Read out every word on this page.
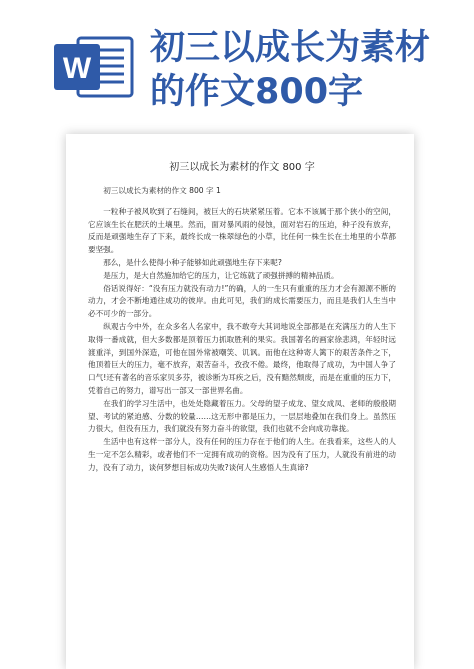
W
初三以成长为素材
的作文800字
初三以成长为素材的作文 800 字

初三以成长为素材的作文 800 字 1

一粒种子被风吹到了石缝间，被巨大的石块紧紧压着。它本不该属于那个狭小的空间，它应该生长在肥沃的土壤里。然而，面对暴风雨的侵蚀，面对岩石的压迫，种子没有放弃，反而是顽强地生存了下来，最终长成一株翠绿色的小草，比任何一株生长在土地里的小草都要坚强。

那么，是什么使得小种子能够如此顽强地生存下来呢?

是压力，是大自然施加给它的压力，让它练就了顽强拼搏的精神品质。

俗话说得好：“没有压力就没有动力!”的确，人的一生只有重重的压力才会有源源不断的动力，才会不断地通往成功的彼岸。由此可见，我们的成长需要压力，而且是我们人生当中必不可少的一部分。

纵观古今中外，在众多名人名家中，我不敢夸大其词地说全部都是在充满压力的人生下取得一番成就，但大多数都是顶着压力抓取胜利的果实。我国著名的画家徐悲鸿，年轻时远渡重洋，到国外深造，可他在国外常被嘲笑、讥讽。而他在这种寄人篱下的艰苦条件之下，他顶着巨大的压力，毫不放弃，艰苦奋斗，孜孜不倦。最终，他取得了成功，为中国人争了口气!还有著名的音乐家贝多芬，被诊断为耳疾之后，没有黯然颓废，而是在重重的压力下，凭着自己的努力，谱写出一部又一部世界名曲。

在我们的学习生活中，也处处隐藏着压力。父母的望子成龙、望女成凤、老师的殷殷期望、考试的紧迫感、分数的较量……这无形中都是压力，一层层地叠加在我们身上。虽然压力很大，但没有压力，我们就没有努力奋斗的欲望，我们也就不会向成功靠拢。

生活中也有这样一部分人，没有任何的压力存在于他们的人生。在我看来，这些人的人生一定不怎么精彩，或者他们不一定拥有成功的资格。因为没有了压力，人就没有前进的动力，没有了动力，谈何梦想目标成功失败?谈何人生感悟人生真谛?
